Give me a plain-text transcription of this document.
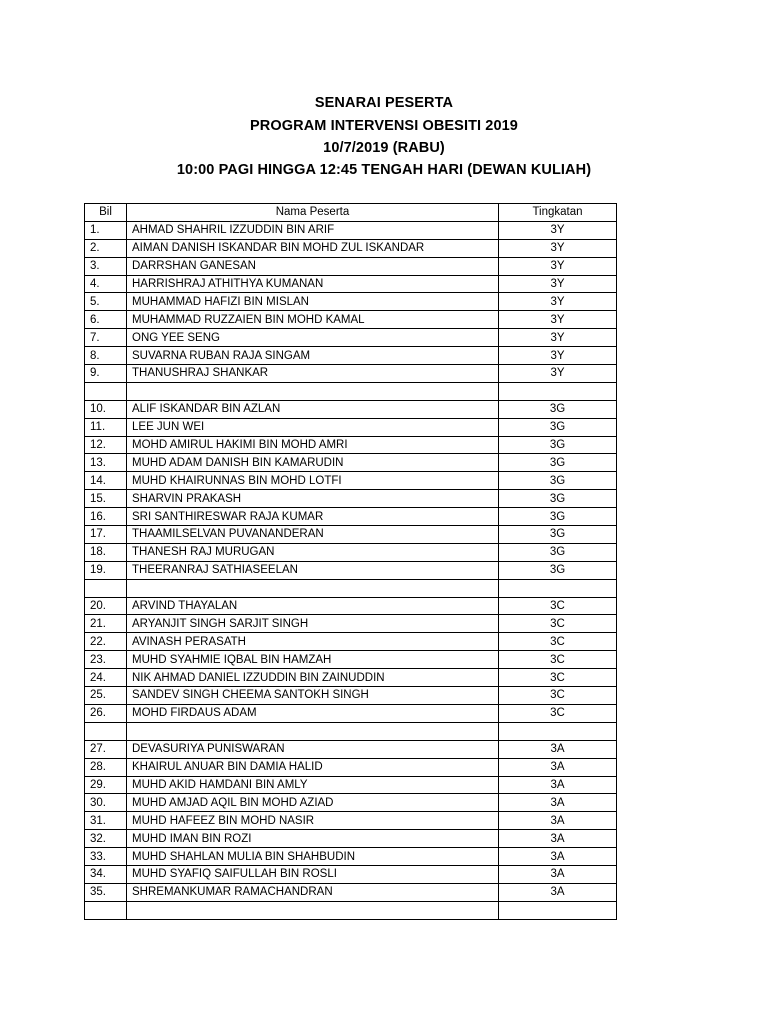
SENARAI PESERTA
PROGRAM INTERVENSI OBESITI 2019
10/7/2019 (RABU)
10:00 PAGI HINGGA 12:45 TENGAH HARI (DEWAN KULIAH)
Bil	Nama Peserta	Tingkatan
1.	AHMAD SHAHRIL IZZUDDIN BIN ARIF	3Y
2.	AIMAN DANISH ISKANDAR BIN MOHD ZUL ISKANDAR	3Y
3.	DARRSHAN GANESAN	3Y
4.	HARRISHRAJ ATHITHYA KUMANAN	3Y
5.	MUHAMMAD HAFIZI BIN MISLAN	3Y
6.	MUHAMMAD RUZZAIEN BIN MOHD KAMAL	3Y
7.	ONG YEE SENG	3Y
8.	SUVARNA RUBAN RAJA SINGAM	3Y
9.	THANUSHRAJ SHANKAR	3Y

10.	ALIF ISKANDAR BIN AZLAN	3G
11.	LEE JUN WEI	3G
12.	MOHD AMIRUL HAKIMI BIN MOHD AMRI	3G
13.	MUHD ADAM DANISH BIN KAMARUDIN	3G
14.	MUHD KHAIRUNNAS BIN MOHD LOTFI	3G
15.	SHARVIN PRAKASH	3G
16.	SRI SANTHIRESWAR RAJA KUMAR	3G
17.	THAAMILSELVAN PUVANANDERAN	3G
18.	THANESH RAJ MURUGAN	3G
19.	THEERANRAJ SATHIASEELAN	3G

20.	ARVIND THAYALAN	3C
21.	ARYANJIT SINGH SARJIT SINGH	3C
22.	AVINASH PERASATH	3C
23.	MUHD SYAHMIE IQBAL BIN HAMZAH	3C
24.	NIK AHMAD DANIEL IZZUDDIN BIN ZAINUDDIN	3C
25.	SANDEV SINGH CHEEMA SANTOKH SINGH	3C
26.	MOHD FIRDAUS ADAM	3C

27.	DEVASURIYA PUNISWARAN	3A
28.	KHAIRUL ANUAR BIN DAMIA HALID	3A
29.	MUHD AKID HAMDANI BIN AMLY	3A
30.	MUHD AMJAD AQIL BIN MOHD AZIAD	3A
31.	MUHD HAFEEZ BIN MOHD NASIR	3A
32.	MUHD IMAN BIN ROZI	3A
33.	MUHD SHAHLAN MULIA BIN SHAHBUDIN	3A
34.	MUHD SYAFIQ SAIFULLAH BIN ROSLI	3A
35.	SHREMANKUMAR RAMACHANDRAN	3A
